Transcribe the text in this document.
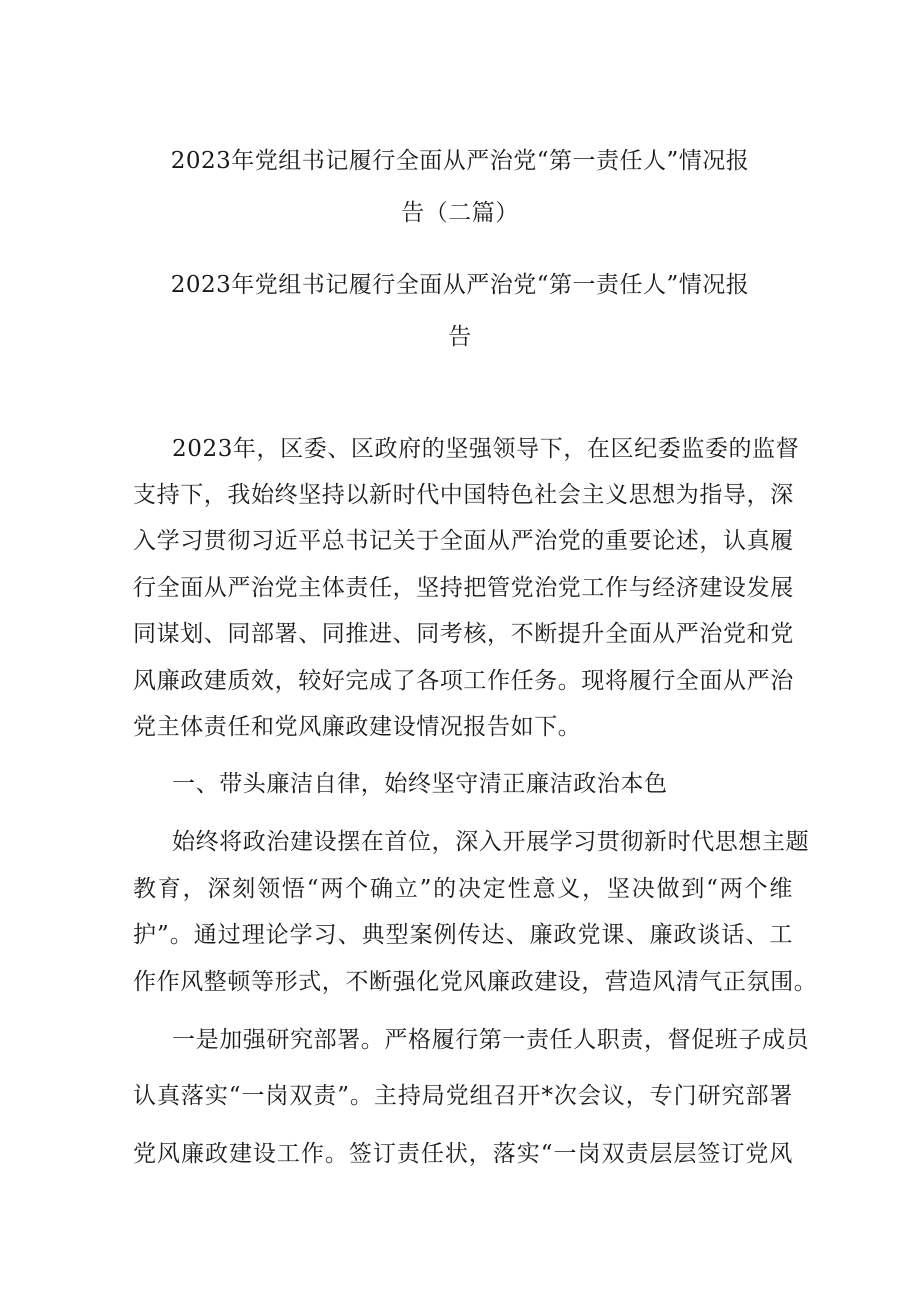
2023年党组书记履行全面从严治党“第一责任人”情况报
告（二篇）
2023年党组书记履行全面从严治党“第一责任人”情况报
告
2023年，区委、区政府的坚强领导下，在区纪委监委的监督
支持下，我始终坚持以新时代中国特色社会主义思想为指导，深
入学习贯彻习近平总书记关于全面从严治党的重要论述，认真履
行全面从严治党主体责任，坚持把管党治党工作与经济建设发展
同谋划、同部署、同推进、同考核，不断提升全面从严治党和党
风廉政建质效，较好完成了各项工作任务。现将履行全面从严治
党主体责任和党风廉政建设情况报告如下。
一、带头廉洁自律，始终坚守清正廉洁政治本色
始终将政治建设摆在首位，深入开展学习贯彻新时代思想主题
教育，深刻领悟“两个确立”的决定性意义，坚决做到“两个维
护”。通过理论学习、典型案例传达、廉政党课、廉政谈话、工
作作风整顿等形式，不断强化党风廉政建设，营造风清气正氛围。
一是加强研究部署。严格履行第一责任人职责，督促班子成员
认真落实“一岗双责”。主持局党组召开*次会议，专门研究部署
党风廉政建设工作。签订责任状，落实“一岗双责层层签订党风
